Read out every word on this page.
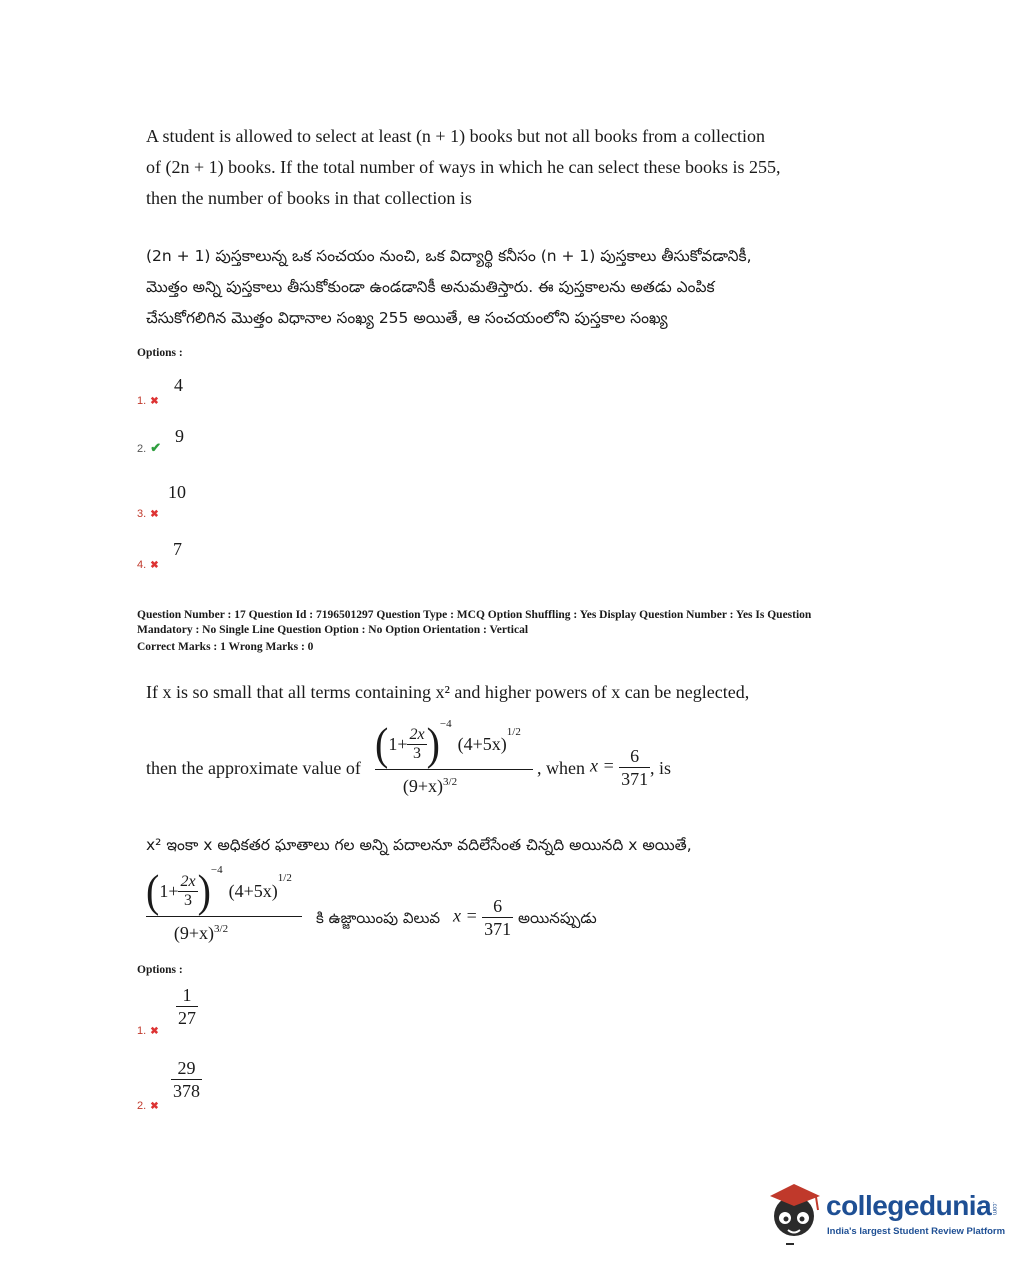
A student is allowed to select at least (n + 1) books but not all books from a collection
of (2n + 1) books. If the total number of ways in which he can select these books is 255,
then the number of books in that collection is
(2n + 1) పుస్తకాలున్న ఒక సంచయం నుంచి, ఒక విద్యార్థి కనీసం (n + 1) పుస్తకాలు తీసుకోవడానికీ,
మొత్తం అన్ని పుస్తకాలు తీసుకోకుండా ఉండడానికీ అనుమతిస్తారు. ఈ పుస్తకాలను అతడు ఎంపిక
చేసుకోగలిగిన మొత్తం విధానాల సంఖ్య 255 అయితే, ఆ సంచయంలోని పుస్తకాల సంఖ్య
Options :
1. ✖
4
2. ✔
9
3. ✖
10
4. ✖
7
Question Number : 17 Question Id : 7196501297 Question Type : MCQ Option Shuffling : Yes Display Question Number : Yes Is Question
Mandatory : No Single Line Question Option : No Option Orientation : Vertical
Correct Marks : 1 Wrong Marks : 0
If x is so small that all terms containing x² and higher powers of x can be neglected,
then the approximate value of ( $1+ \frac{2x}{3} )^{-4}$
(4+5x)
$^{1/2}$
$(9+x)^{3/2}$
, when $x = \frac{6}{371}$ , is
x² ఇంకా x అధికతర ఘాతాలు గల అన్ని పదాలనూ వదిలేసేంత చిన్నది అయినది x అయితే,
( $1+ \frac{2x}{3} )^{-4}$
(4+5x)
$^{1/2}$
$(9+x)^{3/2}$
కి ఉజ్జాయింపు విలువ $x = \frac{6}{371}$ అయినప్పుడు
Options :
1. ✖
$\frac{1}{27}$
2. ✖
$\frac{29}{378}$
collegedunia.com
India's largest Student Review Platform
